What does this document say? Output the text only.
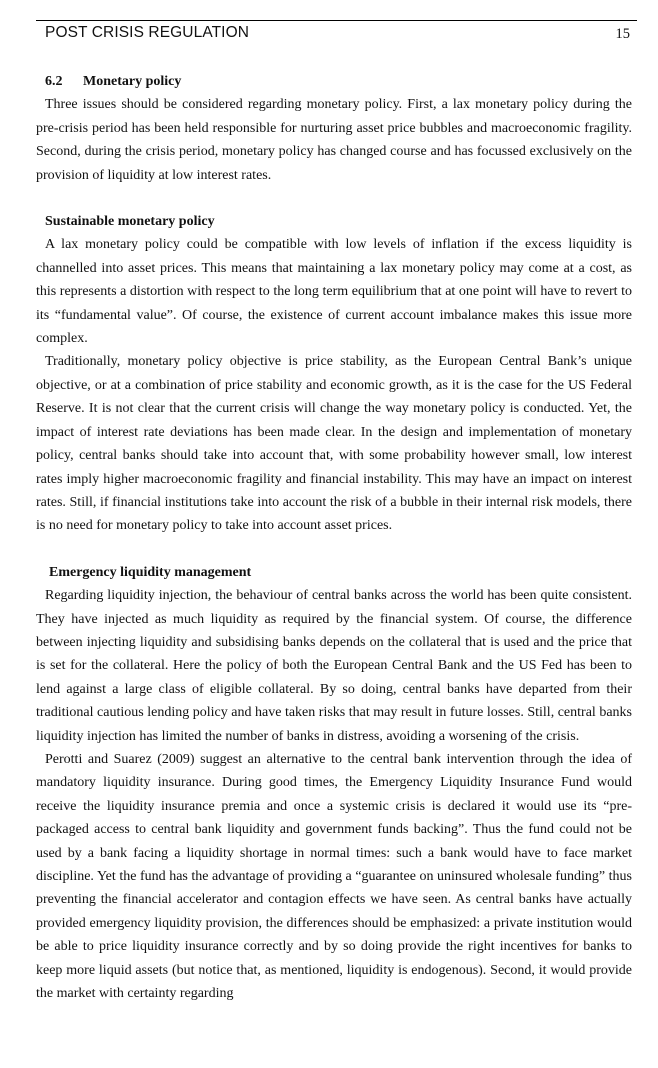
POST CRISIS REGULATION	15

6.2 Monetary policy

Three issues should be considered regarding monetary policy. First, a lax monetary policy during the pre-crisis period has been held responsible for nurturing asset price bubbles and macroeconomic fragility. Second, during the crisis period, monetary policy has changed course and has focussed exclusively on the provision of liquidity at low interest rates.

Sustainable monetary policy

A lax monetary policy could be compatible with low levels of inflation if the excess liquidity is channelled into asset prices. This means that maintaining a lax monetary policy may come at a cost, as this represents a distortion with respect to the long term equilibrium that at one point will have to revert to its “fundamental value”. Of course, the existence of current account imbalance makes this issue more complex.

Traditionally, monetary policy objective is price stability, as the European Central Bank’s unique objective, or at a combination of price stability and economic growth, as it is the case for the US Federal Reserve. It is not clear that the current crisis will change the way monetary policy is conducted. Yet, the impact of interest rate deviations has been made clear. In the design and implementation of monetary policy, central banks should take into account that, with some probability however small, low interest rates imply higher macroeconomic fragility and financial instability. This may have an impact on interest rates. Still, if financial institutions take into account the risk of a bubble in their internal risk models, there is no need for monetary policy to take into account asset prices.

Emergency liquidity management

Regarding liquidity injection, the behaviour of central banks across the world has been quite consistent. They have injected as much liquidity as required by the financial system. Of course, the difference between injecting liquidity and subsidising banks depends on the collateral that is used and the price that is set for the collateral. Here the policy of both the European Central Bank and the US Fed has been to lend against a large class of eligible collateral. By so doing, central banks have departed from their traditional cautious lending policy and have taken risks that may result in future losses. Still, central banks liquidity injection has limited the number of banks in distress, avoiding a worsening of the crisis.

Perotti and Suarez (2009) suggest an alternative to the central bank intervention through the idea of mandatory liquidity insurance. During good times, the Emergency Liquidity Insurance Fund would receive the liquidity insurance premia and once a systemic crisis is declared it would use its “pre-packaged access to central bank liquidity and government funds backing”. Thus the fund could not be used by a bank facing a liquidity shortage in normal times: such a bank would have to face market discipline. Yet the fund has the advantage of providing a “guarantee on uninsured wholesale funding” thus preventing the financial accelerator and contagion effects we have seen. As central banks have actually provided emergency liquidity provision, the differences should be emphasized: a private institution would be able to price liquidity insurance correctly and by so doing provide the right incentives for banks to keep more liquid assets (but notice that, as mentioned, liquidity is endogenous). Second, it would provide the market with certainty regarding
